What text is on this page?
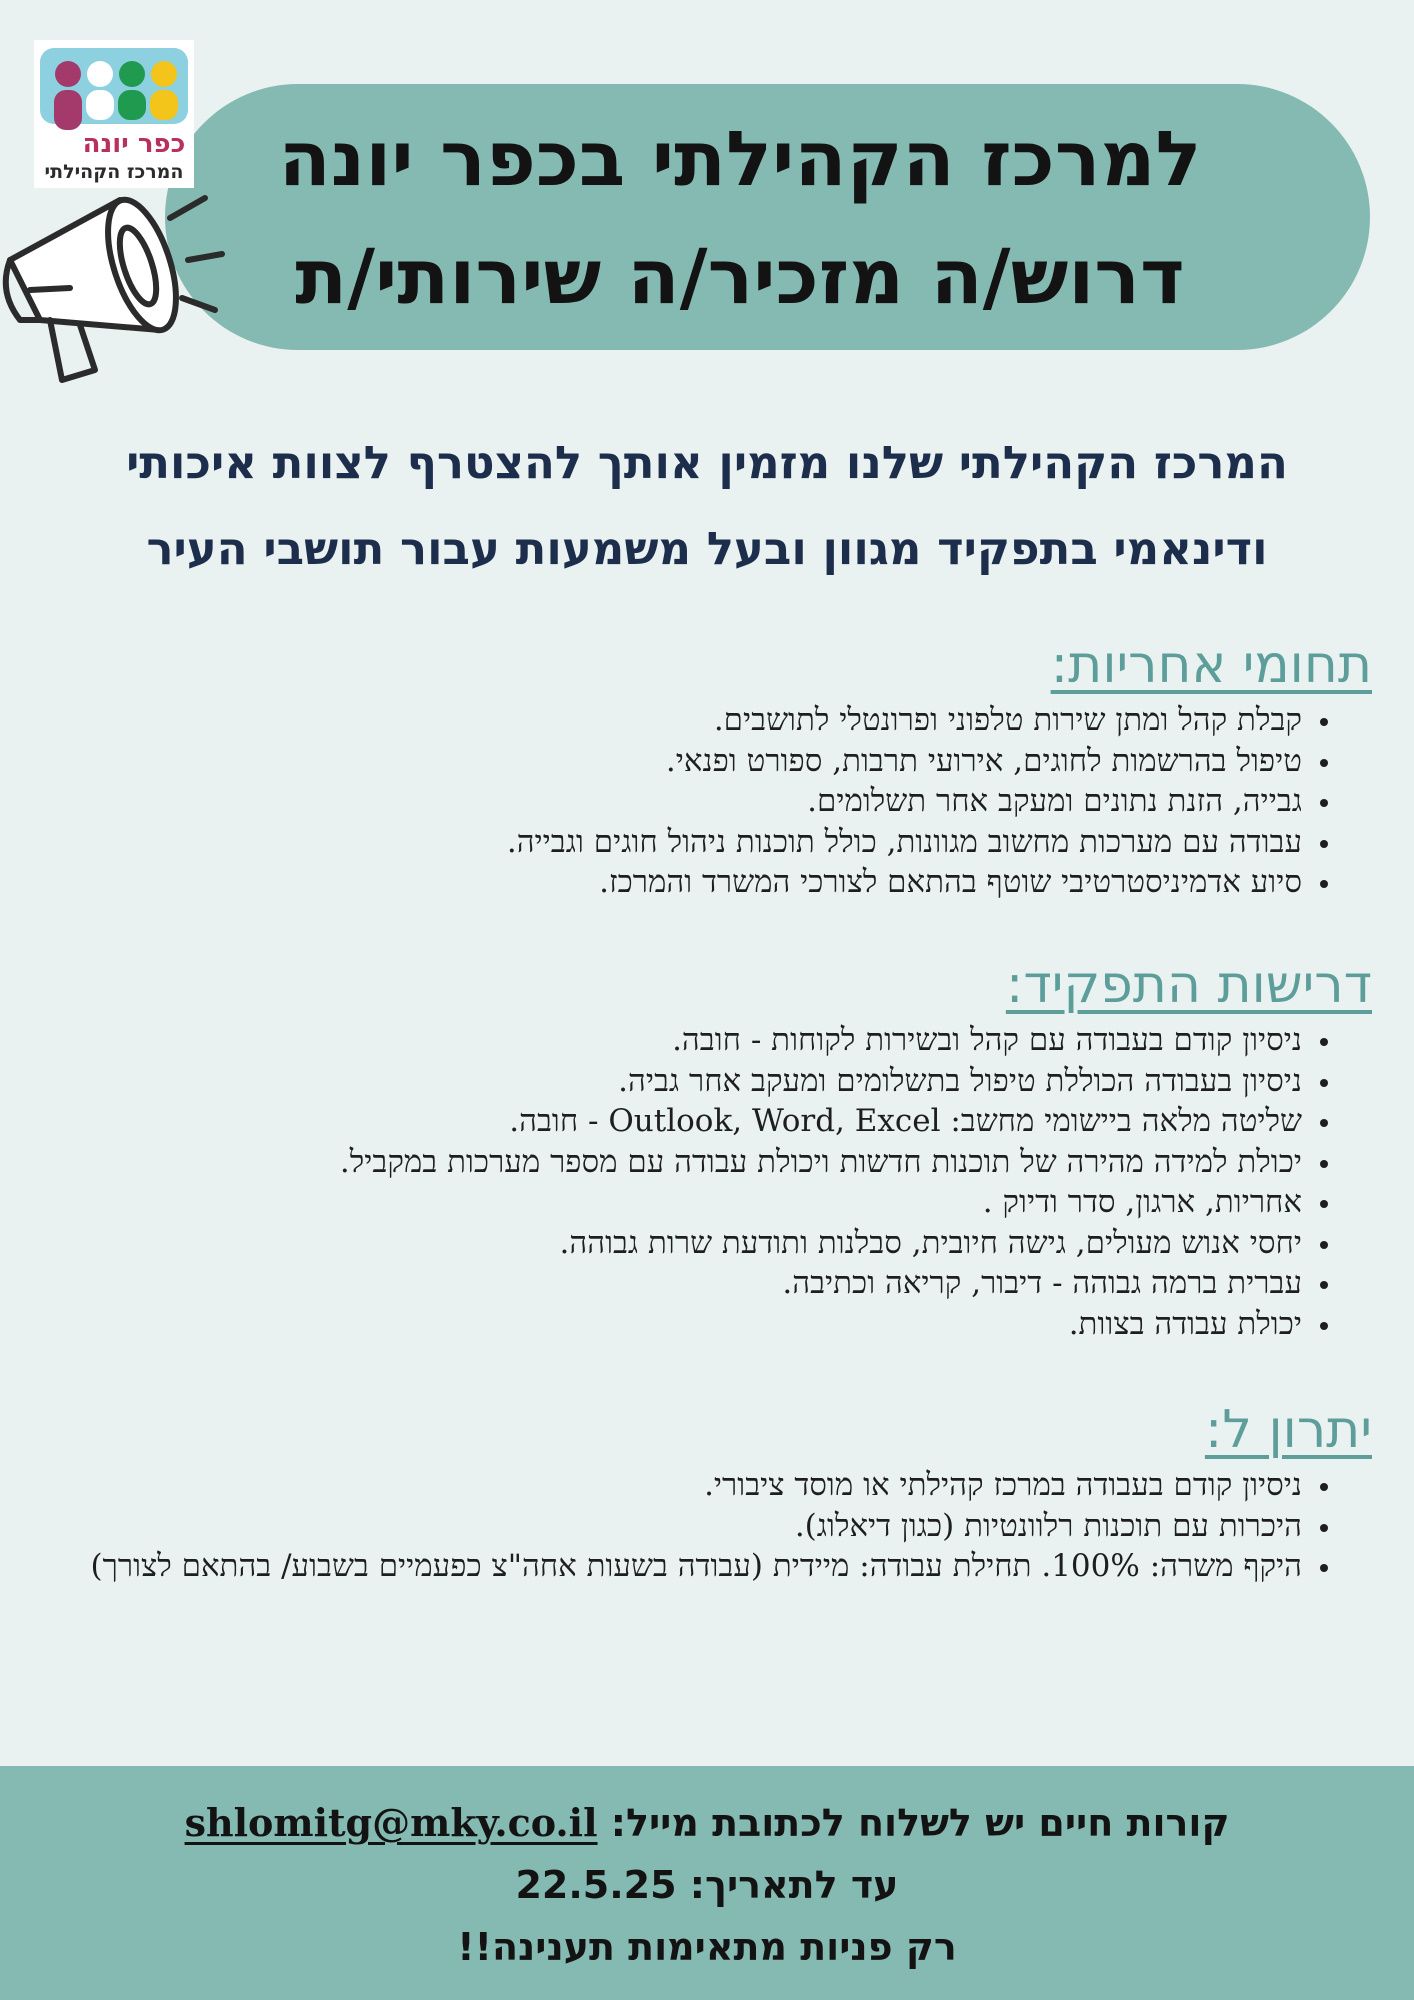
למרכז הקהילתי בכפר יונה
דרוש/ה מזכיר/ה שירותי/ת
כפר יונה
המרכז הקהילתי
המרכז הקהילתי שלנו מזמין אותך להצטרף לצוות איכותי
ודינאמי בתפקיד מגוון ובעל משמעות עבור תושבי העיר
תחומי אחריות:
קבלת קהל ומתן שירות טלפוני ופרונטלי לתושבים.
טיפול בהרשמות לחוגים, אירועי תרבות, ספורט ופנאי.
גבייה, הזנת נתונים ומעקב אחר תשלומים.
עבודה עם מערכות מחשוב מגוונות, כולל תוכנות ניהול חוגים וגבייה.
סיוע אדמיניסטרטיבי שוטף בהתאם לצורכי המשרד והמרכז.
דרישות התפקיד:
ניסיון קודם בעבודה עם קהל ובשירות לקוחות - חובה.
ניסיון בעבודה הכוללת טיפול בתשלומים ומעקב אחר גביה.
שליטה מלאה ביישומי מחשב: Outlook, Word, Excel - חובה.
יכולת למידה מהירה של תוכנות חדשות ויכולת עבודה עם מספר מערכות במקביל.
אחריות, ארגון, סדר ודיוק .
יחסי אנוש מעולים, גישה חיובית, סבלנות ותודעת שרות גבוהה.
עברית ברמה גבוהה - דיבור, קריאה וכתיבה.
יכולת עבודה בצוות.
יתרון ל:
ניסיון קודם בעבודה במרכז קהילתי או מוסד ציבורי.
היכרות עם תוכנות רלוונטיות (כגון דיאלוג).
היקף משרה: 100%. תחילת עבודה: מיידית (עבודה בשעות אחה"צ כפעמיים בשבוע/ בהתאם לצורך)
קורות חיים יש לשלוח לכתובת מייל: shlomitg@mky.co.il
עד לתאריך: 22.5.25
רק פניות מתאימות תענינה!!
